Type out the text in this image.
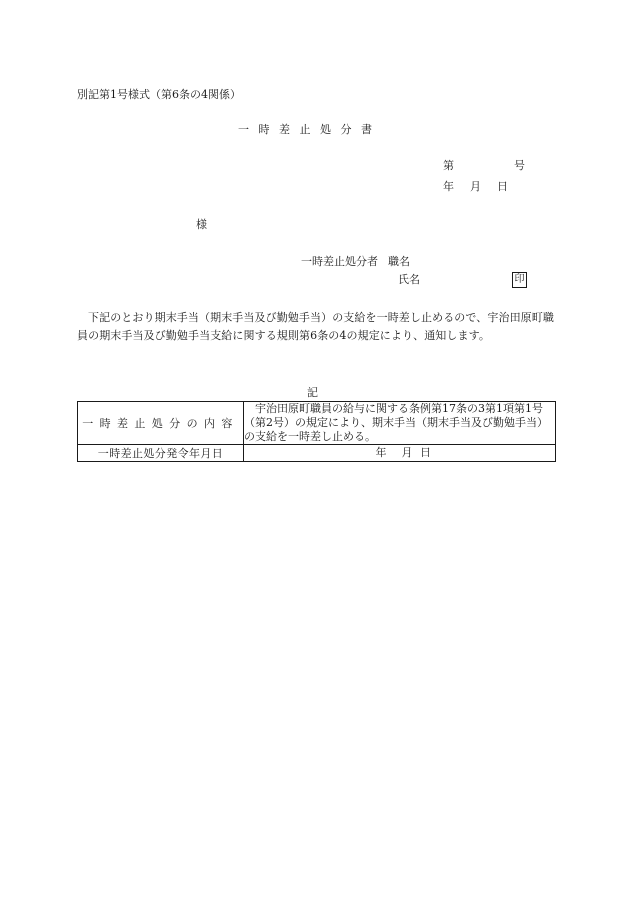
別記第1号様式（第6条の4関係）
一時差止処分書
第	号
年 月 日
様
一時差止処分者 職名
氏名	印
下記のとおり期末手当（期末手当及び勤勉手当）の支給を一時差し止めるので、宇治田原町職員の期末手当及び勤勉手当支給に関する規則第6条の4の規定により、通知します。
記
一時差止処分の内容	宇治田原町職員の給与に関する条例第17条の3第1項第1号（第2号）の規定により、期末手当（期末手当及び勤勉手当）の支給を一時差し止める。
一時差止処分発令年月日	年 月 日
